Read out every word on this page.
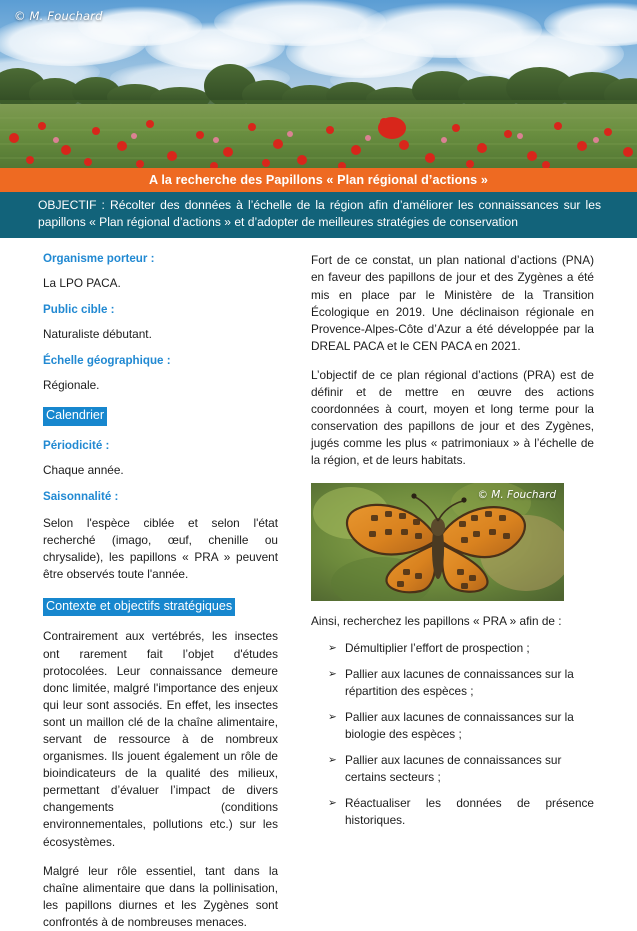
© M. Fouchard
A la recherche des Papillons « Plan régional d’actions »
OBJECTIF : Récolter des données à l’échelle de la région afin d’améliorer les connaissances sur les papillons « Plan régional d’actions » et d’adopter de meilleures stratégies de conservation
Organisme porteur :
La LPO PACA.
Public cible :
Naturaliste débutant.
Échelle géographique :
Régionale.
Calendrier
Périodicité :
Chaque année.
Saisonnalité :
Selon l'espèce ciblée et selon l'état recherché (imago, œuf, chenille ou chrysalide), les papillons « PRA » peuvent être observés toute l'année.
Contexte et objectifs stratégiques
Contrairement aux vertébrés, les insectes ont rarement fait l’objet d'études protocolées. Leur connaissance demeure donc limitée, malgré l'importance des enjeux qui leur sont associés. En effet, les insectes sont un maillon clé de la chaîne alimentaire, servant de ressource à de nombreux organismes. Ils jouent également un rôle de bioindicateurs de la qualité des milieux, permettant d’évaluer l’impact de divers changements (conditions environnementales, pollutions etc.) sur les écosystèmes.
Malgré leur rôle essentiel, tant dans la chaîne alimentaire que dans la pollinisation, les papillons diurnes et les Zygènes sont confrontés à de nombreuses menaces.
Fort de ce constat, un plan national d’actions (PNA) en faveur des papillons de jour et des Zygènes a été mis en place par le Ministère de la Transition Écologique en 2019. Une déclinaison régionale en Provence-Alpes-Côte d’Azur a été développée par la DREAL PACA et le CEN PACA en 2021.
L’objectif de ce plan régional d’actions (PRA) est de définir et de mettre en œuvre des actions coordonnées à court, moyen et long terme pour la conservation des papillons de jour et des Zygènes, jugés comme les plus « patrimoniaux » à l’échelle de la région, et de leurs habitats.
© M. Fouchard
Ainsi, recherchez les papillons « PRA » afin de :
➢ Démultiplier l’effort de prospection ;
➢ Pallier aux lacunes de connaissances sur la répartition des espèces ;
➢ Pallier aux lacunes de connaissances sur la biologie des espèces ;
➢ Pallier aux lacunes de connaissances sur certains secteurs ;
➢ Réactualiser les données de présence historiques.
